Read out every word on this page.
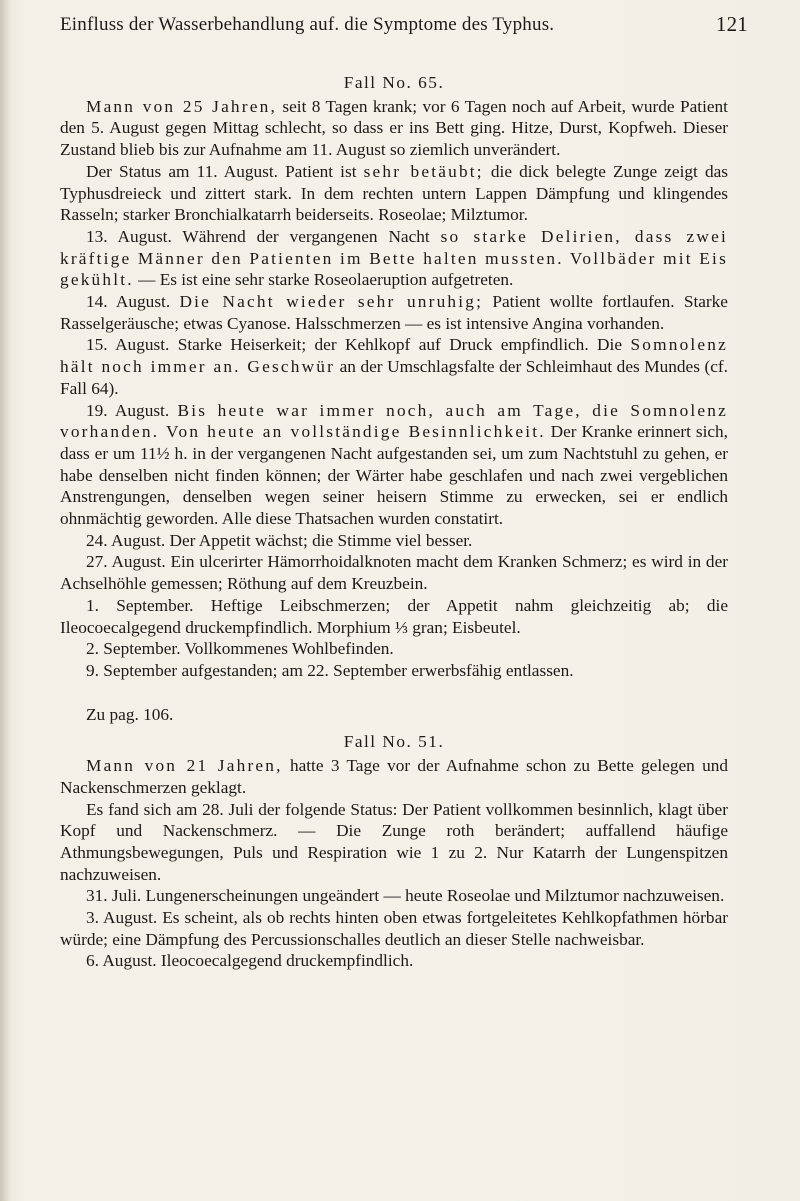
Einfluss der Wasserbehandlung auf. die Symptome des Typhus.	121

Fall No. 65.

Mann von 25 Jahren, seit 8 Tagen krank; vor 6 Tagen noch auf Arbeit, wurde Patient den 5. August gegen Mittag schlecht, so dass er ins Bett ging. Hitze, Durst, Kopfweh. Dieser Zustand blieb bis zur Aufnahme am 11. August so ziemlich unverändert.

Der Status am 11. August. Patient ist sehr betäubt; die dick belegte Zunge zeigt das Typhusdreieck und zittert stark. In dem rechten untern Lappen Dämpfung und klingendes Rasseln; starker Bronchialkatarrh beiderseits. Roseolae; Milztumor.

13. August. Während der vergangenen Nacht so starke Delirien, dass zwei kräftige Männer den Patienten im Bette halten mussten. Vollbäder mit Eis gekühlt. — Es ist eine sehr starke Roseolaeruption aufgetreten.

14. August. Die Nacht wieder sehr unruhig; Patient wollte fortlaufen. Starke Rasselgeräusche; etwas Cyanose. Halsschmerzen — es ist intensive Angina vorhanden.

15. August. Starke Heiserkeit; der Kehlkopf auf Druck empfindlich. Die Somnolenz hält noch immer an. Geschwür an der Umschlagsfalte der Schleimhaut des Mundes (cf. Fall 64).

19. August. Bis heute war immer noch, auch am Tage, die Somnolenz vorhanden. Von heute an vollständige Besinnlichkeit. Der Kranke erinnert sich, dass er um 11½ h. in der vergangenen Nacht aufgestanden sei, um zum Nachtstuhl zu gehen, er habe denselben nicht finden können; der Wärter habe geschlafen und nach zwei vergeblichen Anstrengungen, denselben wegen seiner heisern Stimme zu erwecken, sei er endlich ohnmächtig geworden. Alle diese Thatsachen wurden constatirt.

24. August. Der Appetit wächst; die Stimme viel besser.

27. August. Ein ulcerirter Hämorrhoidalknoten macht dem Kranken Schmerz; es wird in der Achselhöhle gemessen; Röthung auf dem Kreuzbein.

1. September. Heftige Leibschmerzen; der Appetit nahm gleichzeitig ab; die Ileocoecalgegend druckempfindlich. Morphium ⅓ gran; Eisbeutel.

2. September. Vollkommenes Wohlbefinden.

9. September aufgestanden; am 22. September erwerbsfähig entlassen.

Zu pag. 106.

Fall No. 51.

Mann von 21 Jahren, hatte 3 Tage vor der Aufnahme schon zu Bette gelegen und Nackenschmerzen geklagt.

Es fand sich am 28. Juli der folgende Status: Der Patient vollkommen besinnlich, klagt über Kopf und Nackenschmerz. — Die Zunge roth berändert; auffallend häufige Athmungsbewegungen, Puls und Respiration wie 1 zu 2. Nur Katarrh der Lungenspitzen nachzuweisen.

31. Juli. Lungenerscheinungen ungeändert — heute Roseolae und Milztumor nachzuweisen.

3. August. Es scheint, als ob rechts hinten oben etwas fortgeleitetes Kehlkopfathmen hörbar würde; eine Dämpfung des Percussionschalles deutlich an dieser Stelle nachweisbar.

6. August. Ileocoecalgegend druckempfindlich.
